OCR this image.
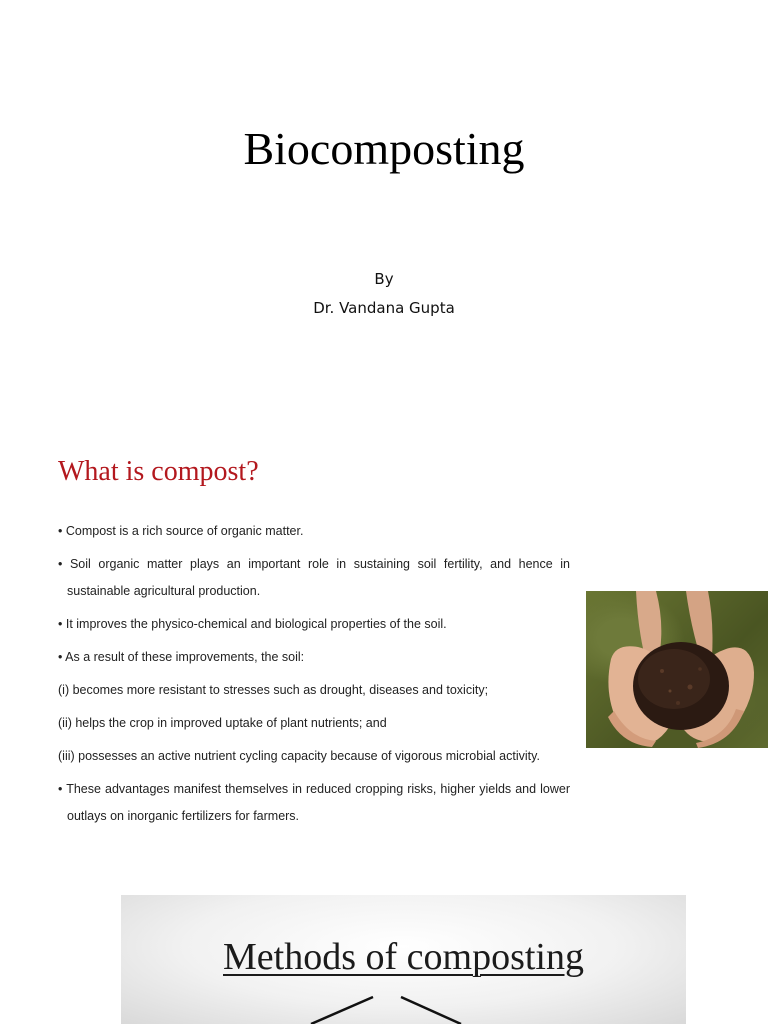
Biocomposting
By
Dr. Vandana Gupta
What is compost?

• Compost is a rich source of organic matter.

• Soil organic matter plays an important role in sustaining soil fertility, and hence in sustainable agricultural production.

• It improves the physico-chemical and biological properties of the soil.

• As a result of these improvements, the soil:

(i) becomes more resistant to stresses such as drought, diseases and toxicity;

(ii) helps the crop in improved uptake of plant nutrients; and

(iii) possesses an active nutrient cycling capacity because of vigorous microbial activity.

• These advantages manifest themselves in reduced cropping risks, higher yields and lower outlays on inorganic fertilizers for farmers.

Methods of composting
